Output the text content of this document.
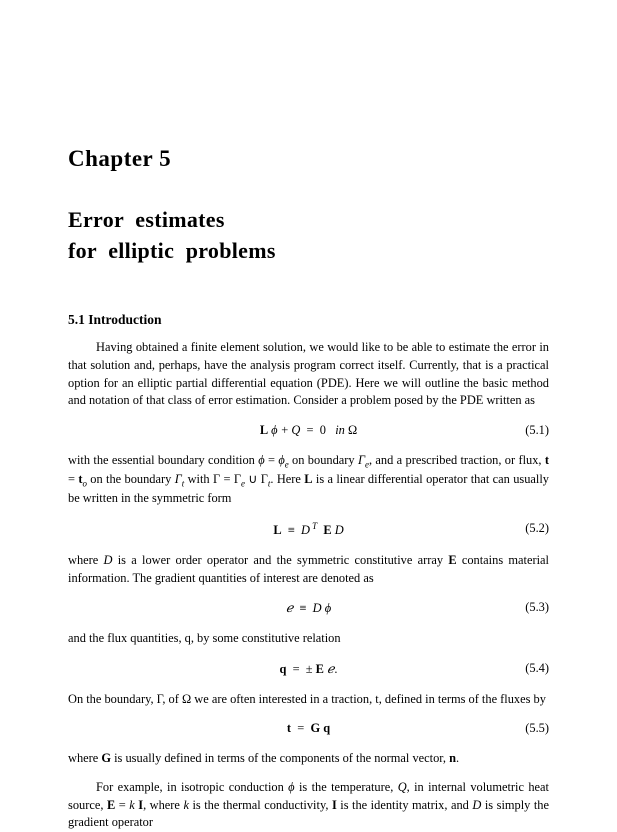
Chapter 5
Error  estimates
for  elliptic  problems
5.1 Introduction

Having obtained a finite element solution, we would like to be able to estimate the error in that solution and, perhaps, have the analysis program correct itself. Currently, that is a practical option for an elliptic partial differential equation (PDE). Here we will outline the basic method and notation of that class of error estimation. Consider a problem posed by the PDE written as

L ϕ + Q  =  0   in Ω	(5.1)

with the essential boundary condition $\phi = \phi_e$ on boundary $\Gamma_e$, and a prescribed traction, or flux, $t = t_o$ on the boundary $\Gamma_t$ with $\Gamma = \Gamma_e$ ∪ $\Gamma_t$. Here L is a linear differential operator that can usually be written in the symmetric form

L  ≡  D $^T$ E D	(5.2)

where D is a lower order operator and the symmetric constitutive array E contains material information. The gradient quantities of interest are denoted as

ℯ  ≡  D ϕ	(5.3)

and the flux quantities, q, by some constitutive relation

q  =  ± E ℯ.	(5.4)

On the boundary, Γ, of Ω we are often interested in a traction, t, defined in terms of the fluxes by

t  =  G q	(5.5)

where G is usually defined in terms of the components of the normal vector, n.

For example, in isotropic conduction ϕ is the temperature, Q, in internal volumetric heat source, E = k I, where k is the thermal conductivity, I is the identity matrix, and D is simply the gradient operator
